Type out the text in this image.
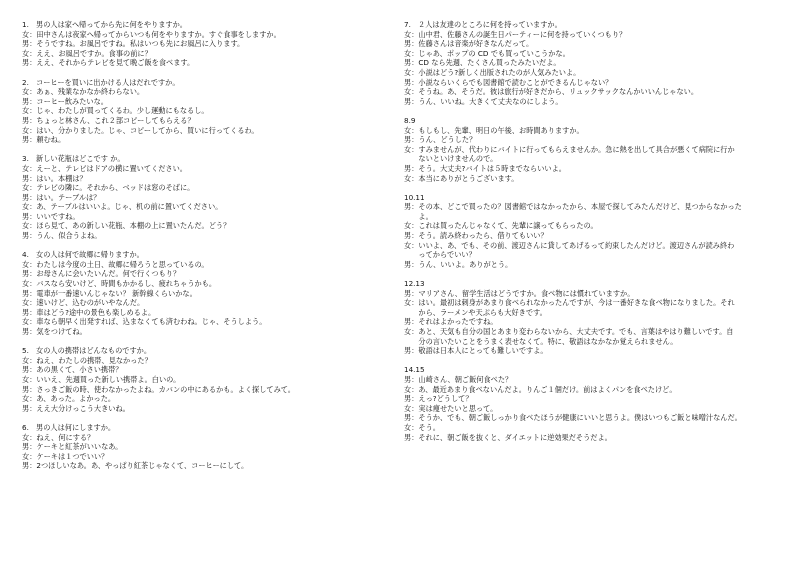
1.　男の人は家へ帰ってから先に何をやりますか。
女：田中さんは夜家へ帰ってからいつも何をやりますか。すぐ食事をしますか。
男：そうですね。お風呂ですね。私はいつも先にお風呂に入ります。
女：ええ、お風呂ですか。食事の前に？
男：ええ、それからテレビを見て晩ご飯を食べます。
2.　コーヒーを買いに出かける人はだれですか。
女：あぁ、残業なかなか終わらない。
男：コーヒー飲みたいな。
女：じゃ、わたしが買ってくるわ。少し運動にもなるし。
男：ちょっと林さん、これ２部コピーしてもらえる？
女：はい、分かりました。じゃ、コピーしてから、買いに行ってくるわ。
男：頼むね。
3.　新しい花瓶はどこです か。
女：えーと、テレビはドアの横に置いてください。
男：はい。本棚は？
女：テレビの隣に。それから、ベッドは窓のそばに。
男：はい。テーブルは？
女：あ、テーブルはいいよ。じゃ、机の前に置いてください。
男：いいですね。
女：ほら見て、あの新しい花瓶、本棚の上に置いたんだ。どう？
男：うん、似合うよね。
4.　女の人は何で故郷に帰りますか。
女：わたしは今度の土日、故郷に帰ろうと思っているの。
男：お母さんに会いたいんだ。何で行くつもり？
女：バスなら安いけど、時間もかかるし、疲れちゃうかも。
男：電車が一番速いんじゃない？ 新幹線くらいかな。
女：速いけど、込むのがいやなんだ。
男：車はどう?途中の景色も楽しめるよ。
女：車なら朝早く出発すれば、込まなくても済むわね。じゃ、そうしよう。
男：気をつけてね。
5.　女の人の携帯はどんなものですか。
女：ねえ、わたしの携帯、見なかった？
男：あの黒くて、小さい携帯？
女：いいえ、先週買った新しい携帯よ。白いの。
男：さっきご飯の時、使わなかったよね。カバンの中にあるかも。よく探してみて。
女：あ、あった。よかった。
男：ええ大分けっこう大きいね。
6.　男の人は何にしますか。
女：ねえ、何にする？
男：ケーキと紅茶がいいなあ。
女：ケーキは１つでいい？
男：2つほしいなあ。あ、やっぱり紅茶じゃなくて、コーヒーにして。
7.　２人は友達のところに何を持っていますか。
女：山中君、佐藤さんの誕生日パーティーに何を持っていくつもり？
男：佐藤さんは音楽が好きなんだって。
女：じゃあ、ポップの CD でも買っていこうかな。
男：CD なら先週、たくさん買ったみたいだよ。
女：小説はどう?新しく出版されたのが人気みたいよ。
男：小説ならいくらでも図書館で読むことができるんじゃない？
女：そうね。あ、そうだ。彼は旅行が好きだから、リュックサックなんかいいんじゃない。
男：うん、いいね。大きくて丈夫なのにしよう。
8.9
女：もしもし、先輩、明日の午後、お時間ありますか。
男：うん、どうした？
女：すみませんが、代わりにバイトに行ってもらえませんか。急に熱を出して具合が悪くて病院に行か
　　ないといけませんので。
男：そう。大丈夫?バイトは５時までならいいよ。
女：本当にありがとうございます。
10.11
男：その本、どこで買ったの？図書館ではなかったから、本屋で探してみたんだけど、見つからなかった
　　よ。
女：これは買ったんじゃなくて、先輩に譲ってもらったの。
男：そう。読み終わったら、借りてもいい？
女：いいよ、あ、でも、その前、渡辺さんに貸してあげるって約束したんだけど。渡辺さんが読み終わ
　　ってからでいい？
男：うん、いいよ。ありがとう。
12.13
男：マリアさん、留学生活はどうですか。食べ物には慣れていますか。
女：はい。最初は刺身があまり食べられなかったんですが、今は一番好きな食べ物になりました。それ
　　から、ラーメンや天ぷらも大好きです。
男：それはよかったですね。
女：あと、天気も自分の国とあまり変わらないから、大丈夫です。でも、言葉はやはり難しいです。自
　　分の言いたいことをうまく表せなくて。特に、敬語はなかなか覚えられません。
男：敬語は日本人にとっても難しいですよ。
14.15
男：山崎さん、朝ご飯何食べた？
女：あ、最近あまり食べないんだよ。りんご１個だけ。前はよくパンを食べたけど。
男：えっ?どうして？
女：実は痩せたいと思って。
男：そうか、でも、朝ご飯しっかり食べたほうが健康にいいと思うよ。僕はいつもご飯と味噌汁なんだ。
女：そう。
男：それに、朝ご飯を抜くと、ダイエットに逆効果だそうだよ。
